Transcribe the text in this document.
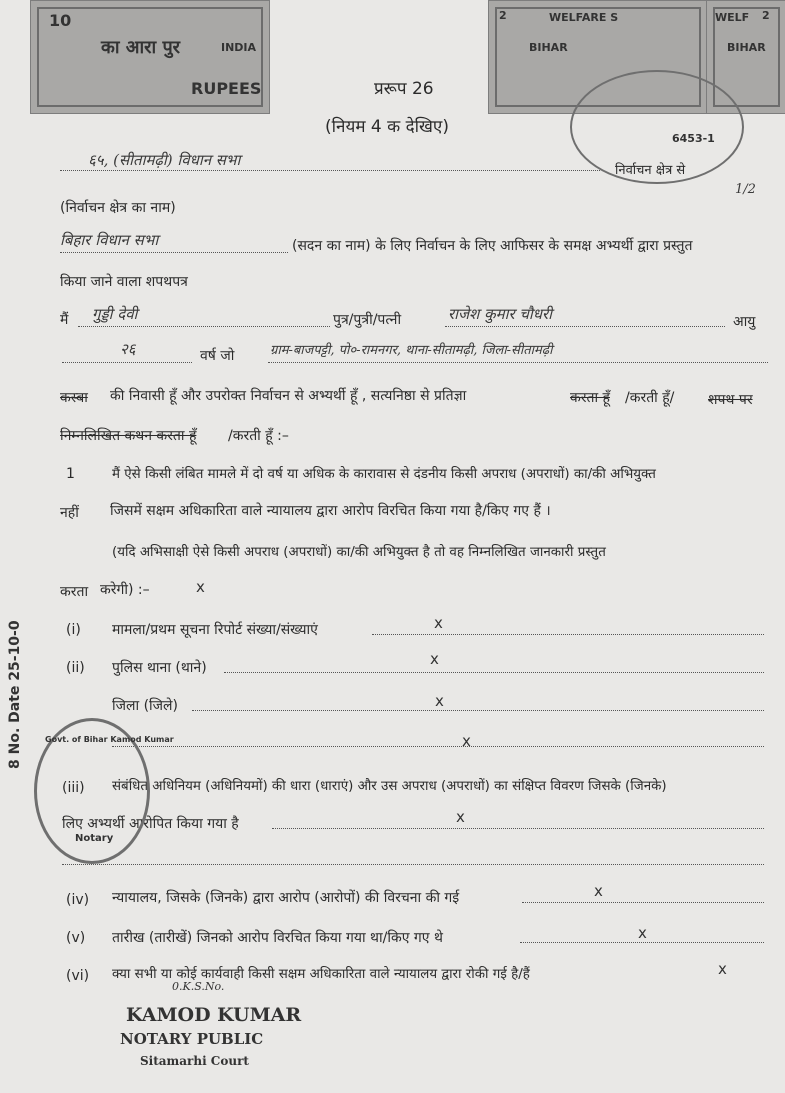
10
का आरा पुर	INDIA
RUPEES
2	WELFARE S
BIHAR
2
WELF
BIHAR
6453-1
प्ररूप 26
(नियम 4 क देखिए)
६५, (सीतामढ़ी) विधान सभा
निर्वाचन क्षेत्र से
1/2
(निर्वाचन क्षेत्र का नाम)
बिहार विधान सभा	(सदन का नाम) के लिए निर्वाचन के लिए आफिसर के समक्ष अभ्यर्थी द्वारा प्रस्तुत
किया जाने वाला शपथपत्र
मैं गुड्डी देवी	पुत्र/पुत्री/पत्नी	राजेश कुमार चौधरी	आयु
२६	वर्ष जो	ग्राम-बाजपट्टी, पो०-रामनगर, थाना-सीतामढ़ी, जिला-सीतामढ़ी
कस्बा की निवासी हूँ और उपरोक्त निर्वाचन से अभ्यर्थी हूँ , सत्यनिष्ठा से प्रतिज्ञा	करता हूँ /करती हूँ/ शपथ पर
निम्नलिखित कथन करता हूँ /करती हूँ :–
1	मैं ऐसे किसी लंबित मामले में दो वर्ष या अधिक के कारावास से दंडनीय किसी अपराध (अपराधों) का/की अभियुक्त
नहीं जिसमें सक्षम अधिकारिता वाले न्यायालय द्वारा आरोप विरचित किया गया है/किए गए हैं ।
(यदि अभिसाक्षी ऐसे किसी अपराध (अपराधों) का/की अभियुक्त है तो वह निम्नलिखित जानकारी प्रस्तुत
करता करेगी) :–	x
(i) मामला/प्रथम सूचना रिपोर्ट संख्या/संख्याएं	x
(ii) पुलिस थाना (थाने)	x
जिला (जिले)	x
x
(iii) संबंधित अधिनियम (अधिनियमों) की धारा (धाराएं) और उस अपराध (अपराधों) का संक्षिप्त विवरण जिसके (जिनके)
लिए अभ्यर्थी आरोपित किया गया है	x
(iv) न्यायालय, जिसके (जिनके) द्वारा आरोप (आरोपों) की विरचना की गई	x
(v) तारीख (तारीखें) जिनको आरोप विरचित किया गया था/किए गए थे	x
(vi) क्या सभी या कोई कार्यवाही किसी सक्षम अधिकारिता वाले न्यायालय द्वारा रोकी गई है/हैं	x
Govt. of Bihar Kamod Kumar
Notary
8 No. Date 25-10-0
0.K.S.No.
KAMOD KUMAR
NOTARY PUBLIC
Sitamarhi Court
